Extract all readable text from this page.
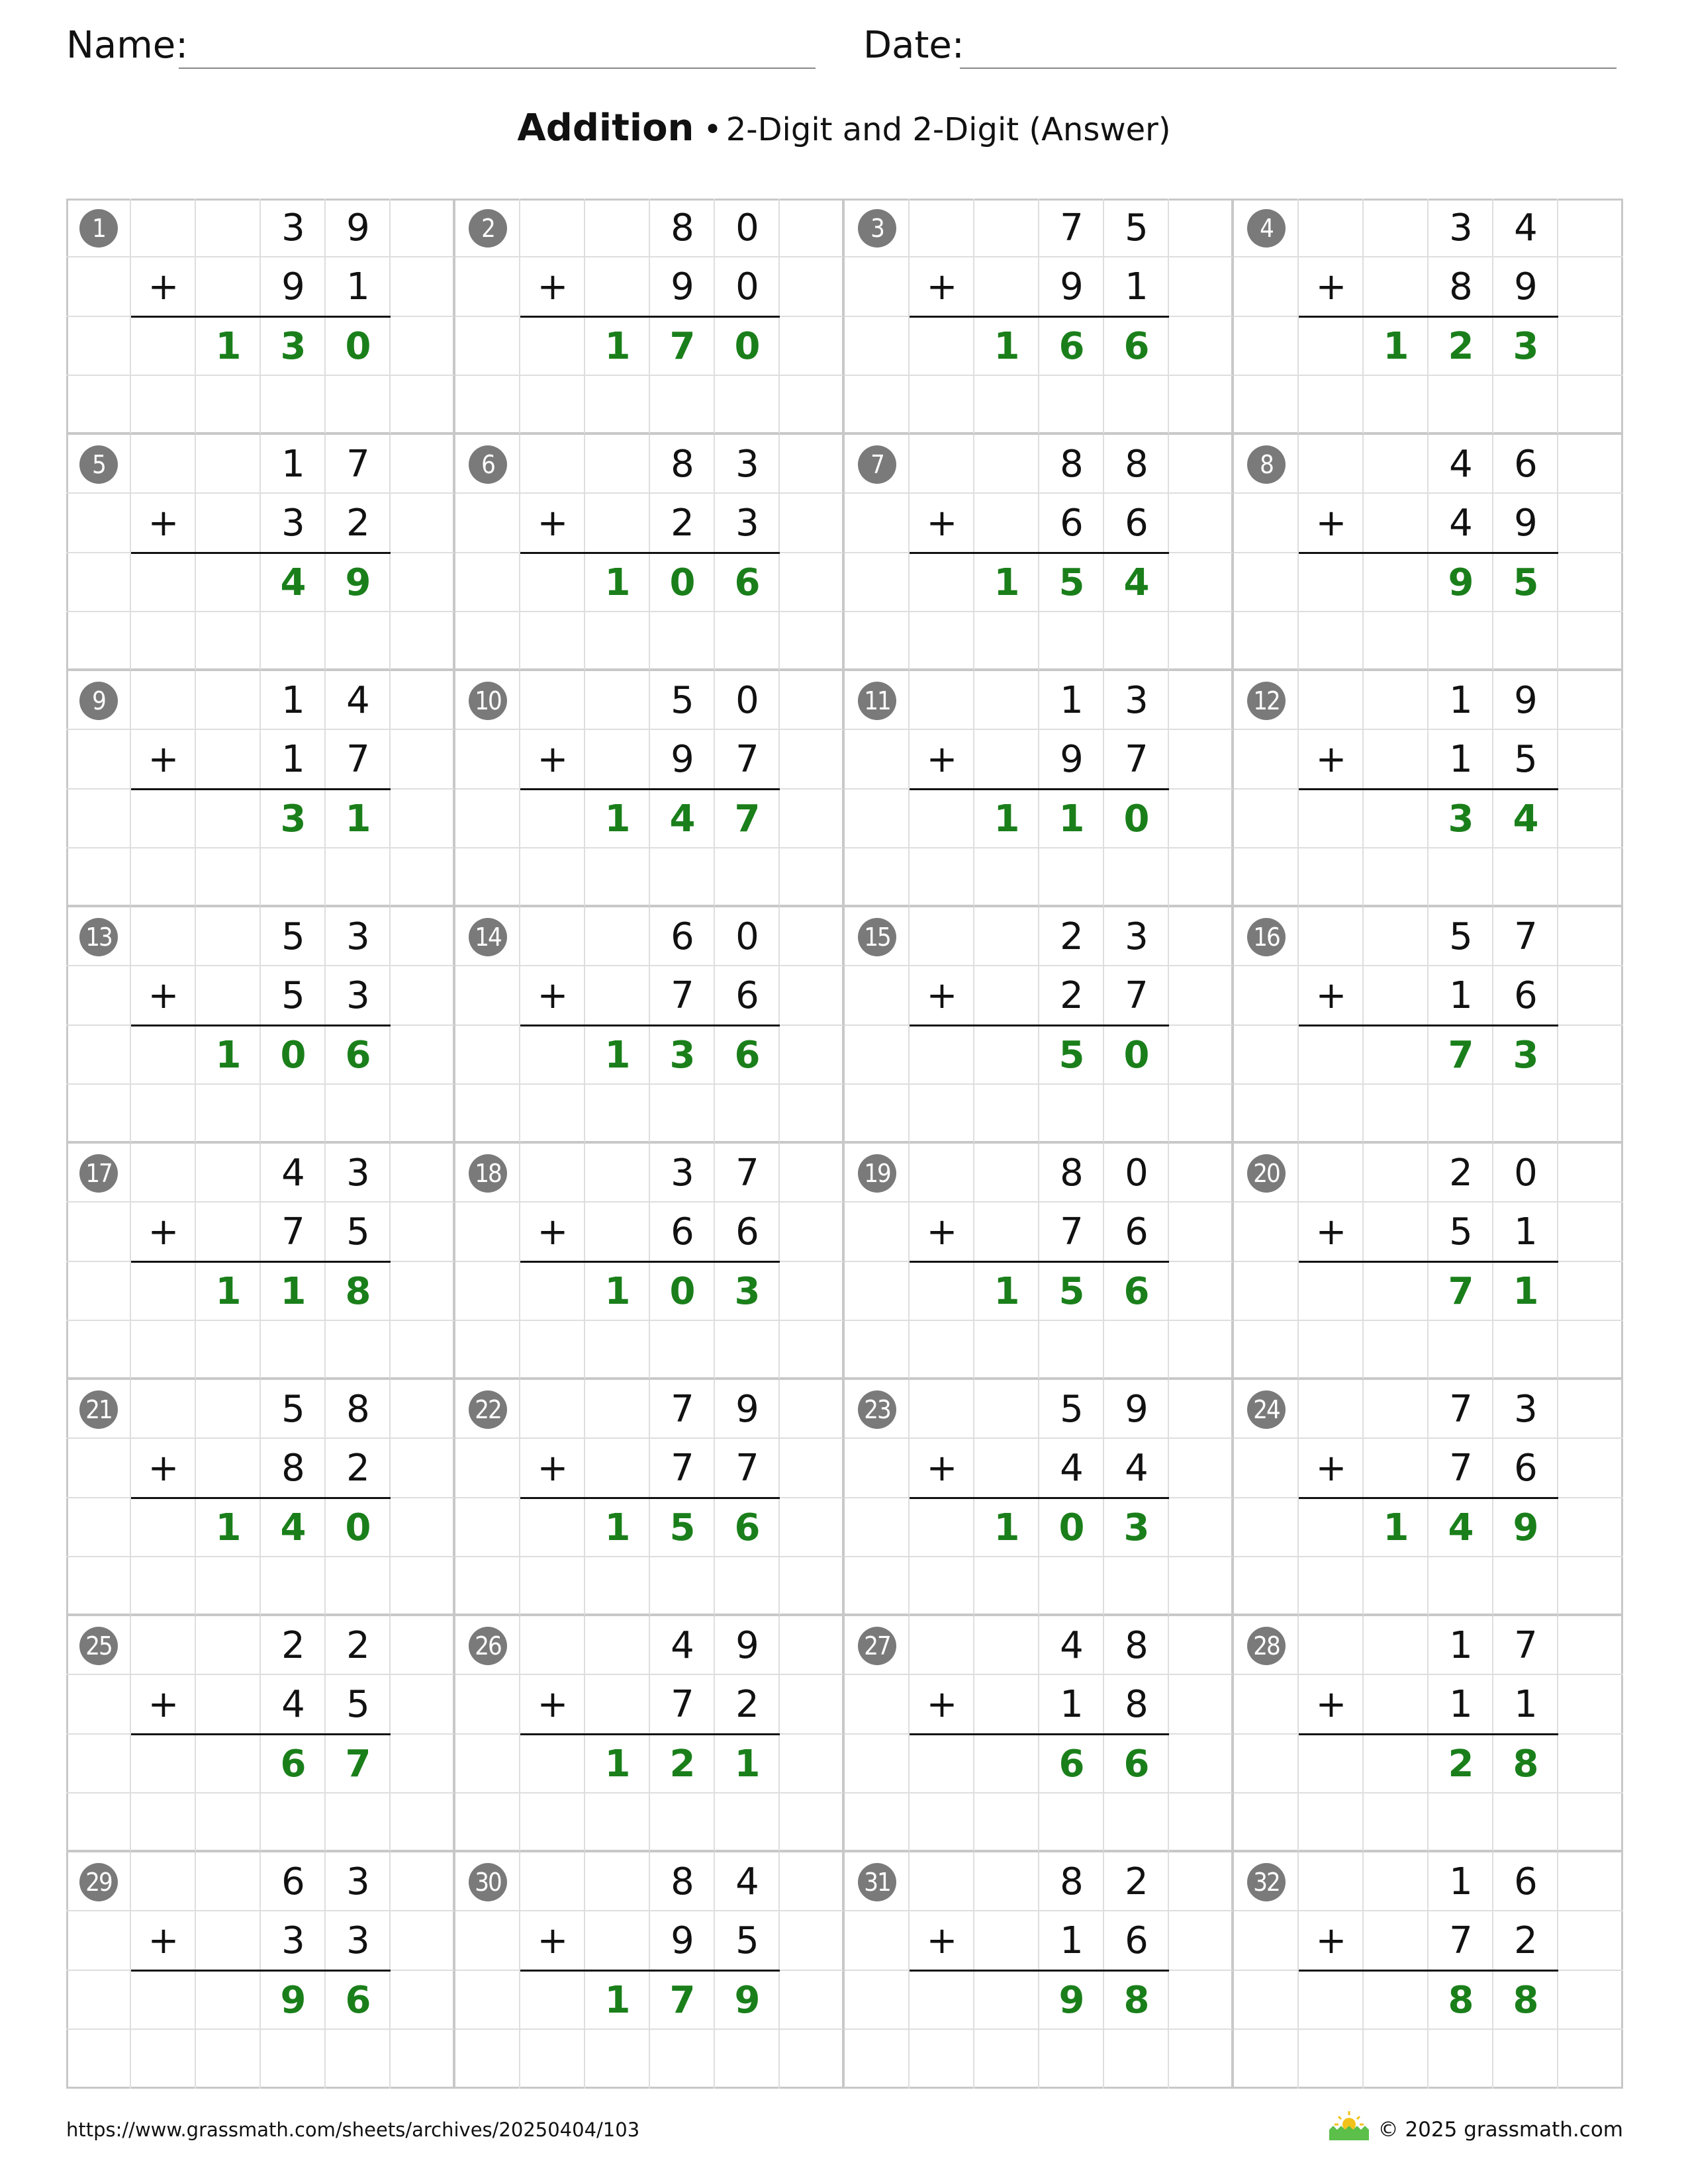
Name:	Date:
Addition • 2-Digit and 2-Digit (Answer)
1	3	9
+	9	1
1	3	0
2	8	0
+	9	0
1	7	0
3	7	5
+	9	1
1	6	6
4	3	4
+	8	9
1	2	3
5	1	7
+	3	2
4	9
6	8	3
+	2	3
1	0	6
7	8	8
+	6	6
1	5	4
8	4	6
+	4	9
9	5
9	1	4
+	1	7
3	1
10	5	0
+	9	7
1	4	7
11	1	3
+	9	7
1	1	0
12	1	9
+	1	5
3	4
13	5	3
+	5	3
1	0	6
14	6	0
+	7	6
1	3	6
15	2	3
+	2	7
5	0
16	5	7
+	1	6
7	3
17	4	3
+	7	5
1	1	8
18	3	7
+	6	6
1	0	3
19	8	0
+	7	6
1	5	6
20	2	0
+	5	1
7	1
21	5	8
+	8	2
1	4	0
22	7	9
+	7	7
1	5	6
23	5	9
+	4	4
1	0	3
24	7	3
+	7	6
1	4	9
25	2	2
+	4	5
6	7
26	4	9
+	7	2
1	2	1
27	4	8
+	1	8
6	6
28	1	7
+	1	1
2	8
29	6	3
+	3	3
9	6
30	8	4
+	9	5
1	7	9
31	8	2
+	1	6
9	8
32	1	6
+	7	2
8	8
https://www.grassmath.com/sheets/archives/20250404/103	© 2025 grassmath.com
